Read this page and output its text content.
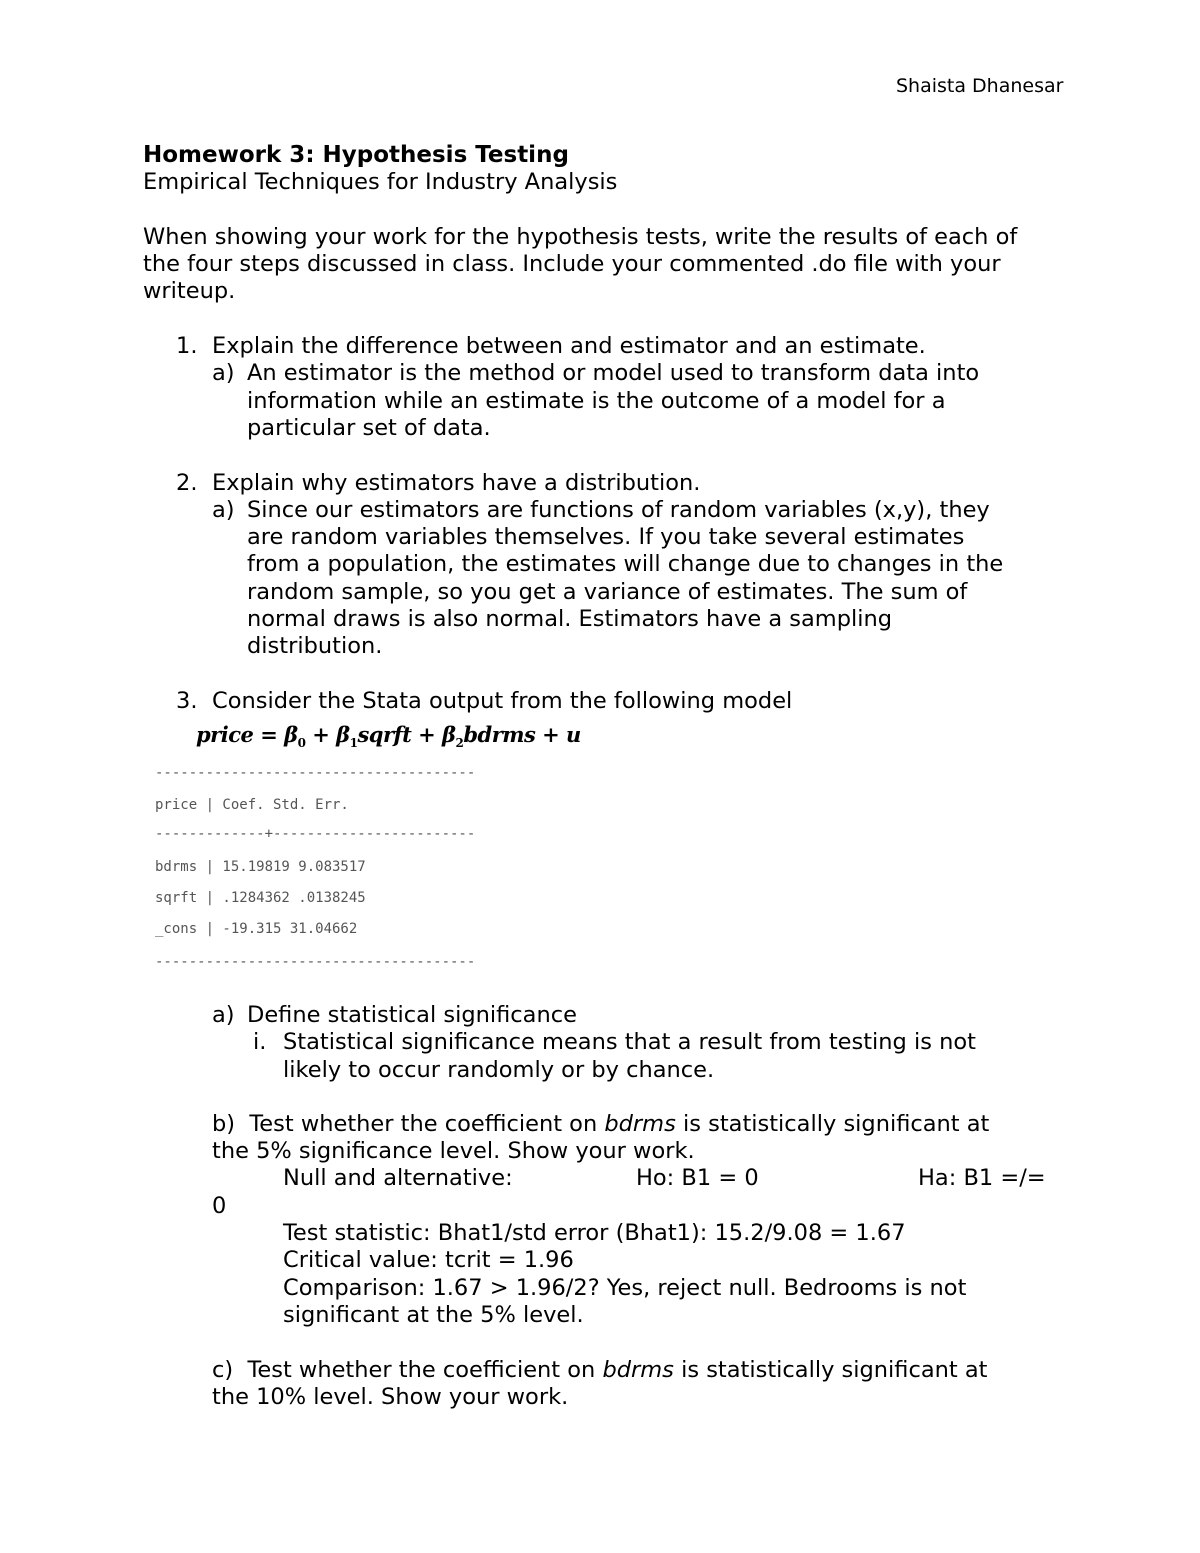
Shaista Dhanesar
Homework 3: Hypothesis Testing
Empirical Techniques for Industry Analysis
When showing your work for the hypothesis tests, write the results of each of
the four steps discussed in class. Include your commented .do file with your
writeup.
1. Explain the difference between and estimator and an estimate.
a) An estimator is the method or model used to transform data into
information while an estimate is the outcome of a model for a
particular set of data.
2. Explain why estimators have a distribution.
a) Since our estimators are functions of random variables (x,y), they
are random variables themselves. If you take several estimates
from a population, the estimates will change due to changes in the
random sample, so you get a variance of estimates. The sum of
normal draws is also normal. Estimators have a sampling
distribution.
3. Consider the Stata output from the following model
price = $\beta_0$ + $\beta_1sqrft$ + $\beta_2bdrms + u$
--------------------------------------
price | Coef. Std. Err.
-------------+------------------------
bdrms | 15.19819 9.083517
sqrft | .1284362 .0138245
_cons | -19.315 31.04662
--------------------------------------
a) Define statistical significance
i. Statistical significance means that a result from testing is not
likely to occur randomly or by chance.
b) Test whether the coefficient on bdrms is statistically significant at
the 5% significance level. Show your work.
Null and alternative:	Ho: B1 = 0	Ha: B1 =/=
0
Test statistic: Bhat1/std error (Bhat1): 15.2/9.08 = 1.67
Critical value: tcrit = 1.96
Comparison: 1.67 > 1.96/2? Yes, reject null. Bedrooms is not
significant at the 5% level.
c) Test whether the coefficient on bdrms is statistically significant at
the 10% level. Show your work.
